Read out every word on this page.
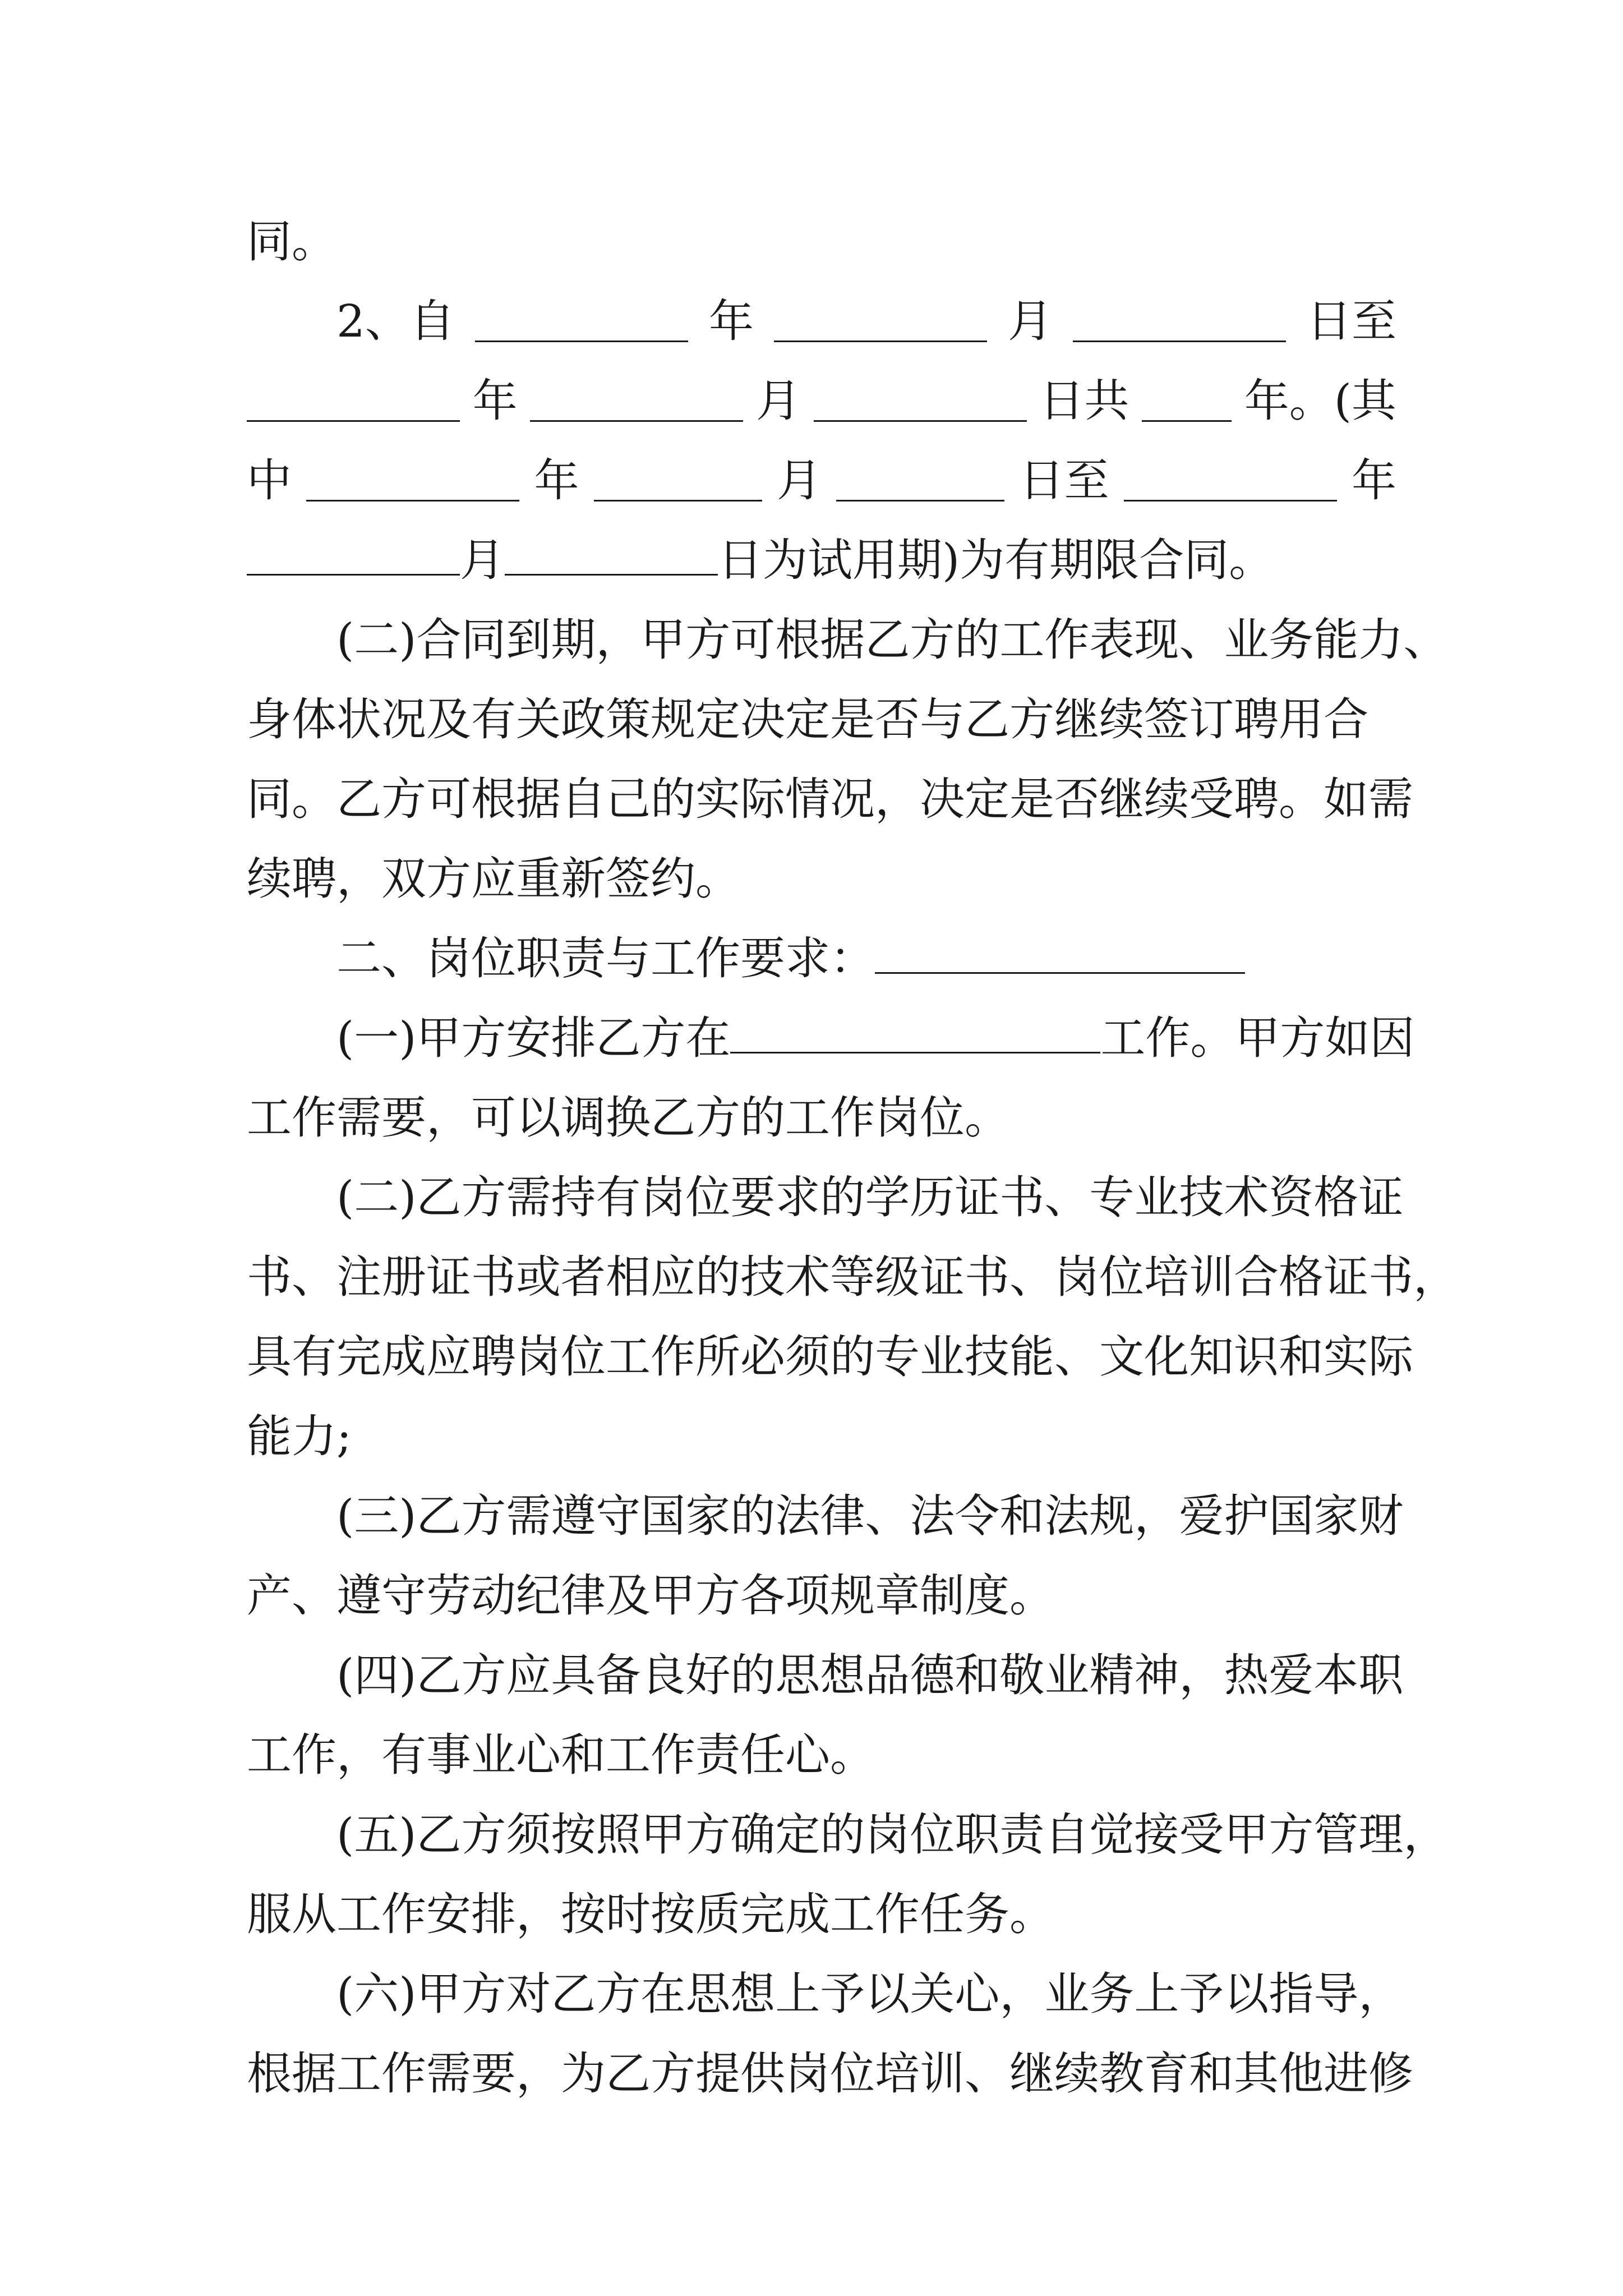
同。
2、自	年	月	日至
年	月	日共	年。(其
中	年	月	日至	年
月	日为试用期)为有期限合同。
(二)合同到期，甲方可根据乙方的工作表现、业务能力、
身体状况及有关政策规定决定是否与乙方继续签订聘用合
同。乙方可根据自己的实际情况，决定是否继续受聘。如需
续聘，双方应重新签约。
二、岗位职责与工作要求：
(一)甲方安排乙方在	工作。甲方如因
工作需要，可以调换乙方的工作岗位。
(二)乙方需持有岗位要求的学历证书、专业技术资格证
书、注册证书或者相应的技术等级证书、岗位培训合格证书，
具有完成应聘岗位工作所必须的专业技能、文化知识和实际
能力;
(三)乙方需遵守国家的法律、法令和法规，爱护国家财
产、遵守劳动纪律及甲方各项规章制度。
(四)乙方应具备良好的思想品德和敬业精神，热爱本职
工作，有事业心和工作责任心。
(五)乙方须按照甲方确定的岗位职责自觉接受甲方管理，
服从工作安排，按时按质完成工作任务。
(六)甲方对乙方在思想上予以关心，业务上予以指导，
根据工作需要，为乙方提供岗位培训、继续教育和其他进修
